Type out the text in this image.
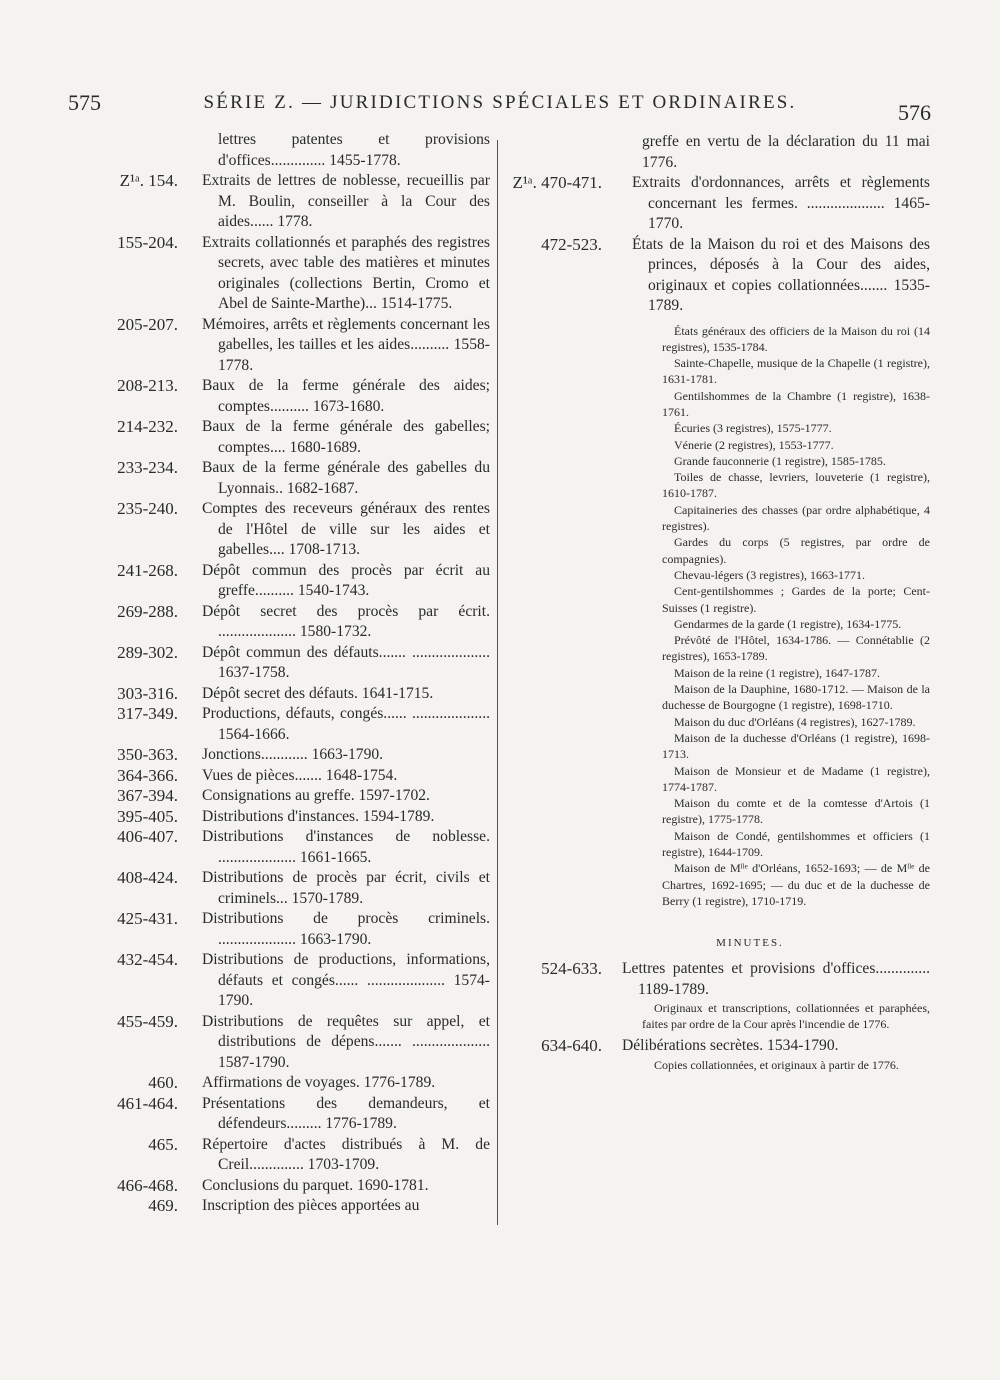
575	SÉRIE Z. — JURIDICTIONS SPÉCIALES ET ORDINAIRES.	576
lettres patentes et provisions d'offices.............. 1455-1778.
Z¹ᵃ. 154. Extraits de lettres de noblesse, recueillis par M. Boulin, conseiller à la Cour des aides...... 1778.
155-204. Extraits collationnés et paraphés des registres secrets, avec table des matières et minutes originales (collections Bertin, Cromo et Abel de Sainte-Marthe)... 1514-1775.
205-207. Mémoires, arrêts et règlements concernant les gabelles, les tailles et les aides.......... 1558-1778.
208-213. Baux de la ferme générale des aides; comptes.......... 1673-1680.
214-232. Baux de la ferme générale des gabelles; comptes.... 1680-1689.
233-234. Baux de la ferme générale des gabelles du Lyonnais.. 1682-1687.
235-240. Comptes des receveurs généraux des rentes de l'Hôtel de ville sur les aides et gabelles.... 1708-1713.
241-268. Dépôt commun des procès par écrit au greffe.......... 1540-1743.
269-288. Dépôt secret des procès par écrit. .................... 1580-1732.
289-302. Dépôt commun des défauts....... .................... 1637-1758.
303-316. Dépôt secret des défauts. 1641-1715.
317-349. Productions, défauts, congés...... .................... 1564-1666.
350-363. Jonctions............ 1663-1790.
364-366. Vues de pièces....... 1648-1754.
367-394. Consignations au greffe. 1597-1702.
395-405. Distributions d'instances. 1594-1789.
406-407. Distributions d'instances de noblesse. .................... 1661-1665.
408-424. Distributions de procès par écrit, civils et criminels... 1570-1789.
425-431. Distributions de procès criminels. .................... 1663-1790.
432-454. Distributions de productions, informations, défauts et congés...... .................... 1574-1790.
455-459. Distributions de requêtes sur appel, et distributions de dépens....... .................... 1587-1790.
460. Affirmations de voyages. 1776-1789.
461-464. Présentations des demandeurs, et défendeurs......... 1776-1789.
465. Répertoire d'actes distribués à M. de Creil.............. 1703-1709.
466-468. Conclusions du parquet. 1690-1781.
469. Inscription des pièces apportées au
greffe en vertu de la déclaration du 11 mai 1776.
Z¹ᵃ. 470-471. Extraits d'ordonnances, arrêts et règlements concernant les fermes. .................... 1465-1770.
472-523. États de la Maison du roi et des Maisons des princes, déposés à la Cour des aides, originaux et copies collationnées....... 1535-1789.
États généraux des officiers de la Maison du roi (14 registres), 1535-1784.
Sainte-Chapelle, musique de la Chapelle (1 registre), 1631-1781.
Gentilshommes de la Chambre (1 registre), 1638-1761.
Écuries (3 registres), 1575-1777.
Vénerie (2 registres), 1553-1777.
Grande fauconnerie (1 registre), 1585-1785.
Toiles de chasse, levriers, louveterie (1 registre), 1610-1787.
Capitaineries des chasses (par ordre alphabétique, 4 registres).
Gardes du corps (5 registres, par ordre de compagnies).
Chevau-légers (3 registres), 1663-1771.
Cent-gentilshommes ; Gardes de la porte; Cent-Suisses (1 registre).
Gendarmes de la garde (1 registre), 1634-1775.
Prévôté de l'Hôtel, 1634-1786. — Connétablie (2 registres), 1653-1789.
Maison de la reine (1 registre), 1647-1787.
Maison de la Dauphine, 1680-1712. — Maison de la duchesse de Bourgogne (1 registre), 1698-1710.
Maison du duc d'Orléans (4 registres), 1627-1789.
Maison de la duchesse d'Orléans (1 registre), 1698-1713.
Maison de Monsieur et de Madame (1 registre), 1774-1787.
Maison du comte et de la comtesse d'Artois (1 registre), 1775-1778.
Maison de Condé, gentilshommes et officiers (1 registre), 1644-1709.
Maison de Mˡˡᵉ d'Orléans, 1652-1693; — de Mˡˡᵉ de Chartres, 1692-1695; — du duc et de la duchesse de Berry (1 registre), 1710-1719.
MINUTES.
524-633. Lettres patentes et provisions d'offices.............. 1189-1789.
Originaux et transcriptions, collationnées et paraphées, faites par ordre de la Cour après l'incendie de 1776.
634-640. Délibérations secrètes. 1534-1790.
Copies collationnées, et originaux à partir de 1776.
